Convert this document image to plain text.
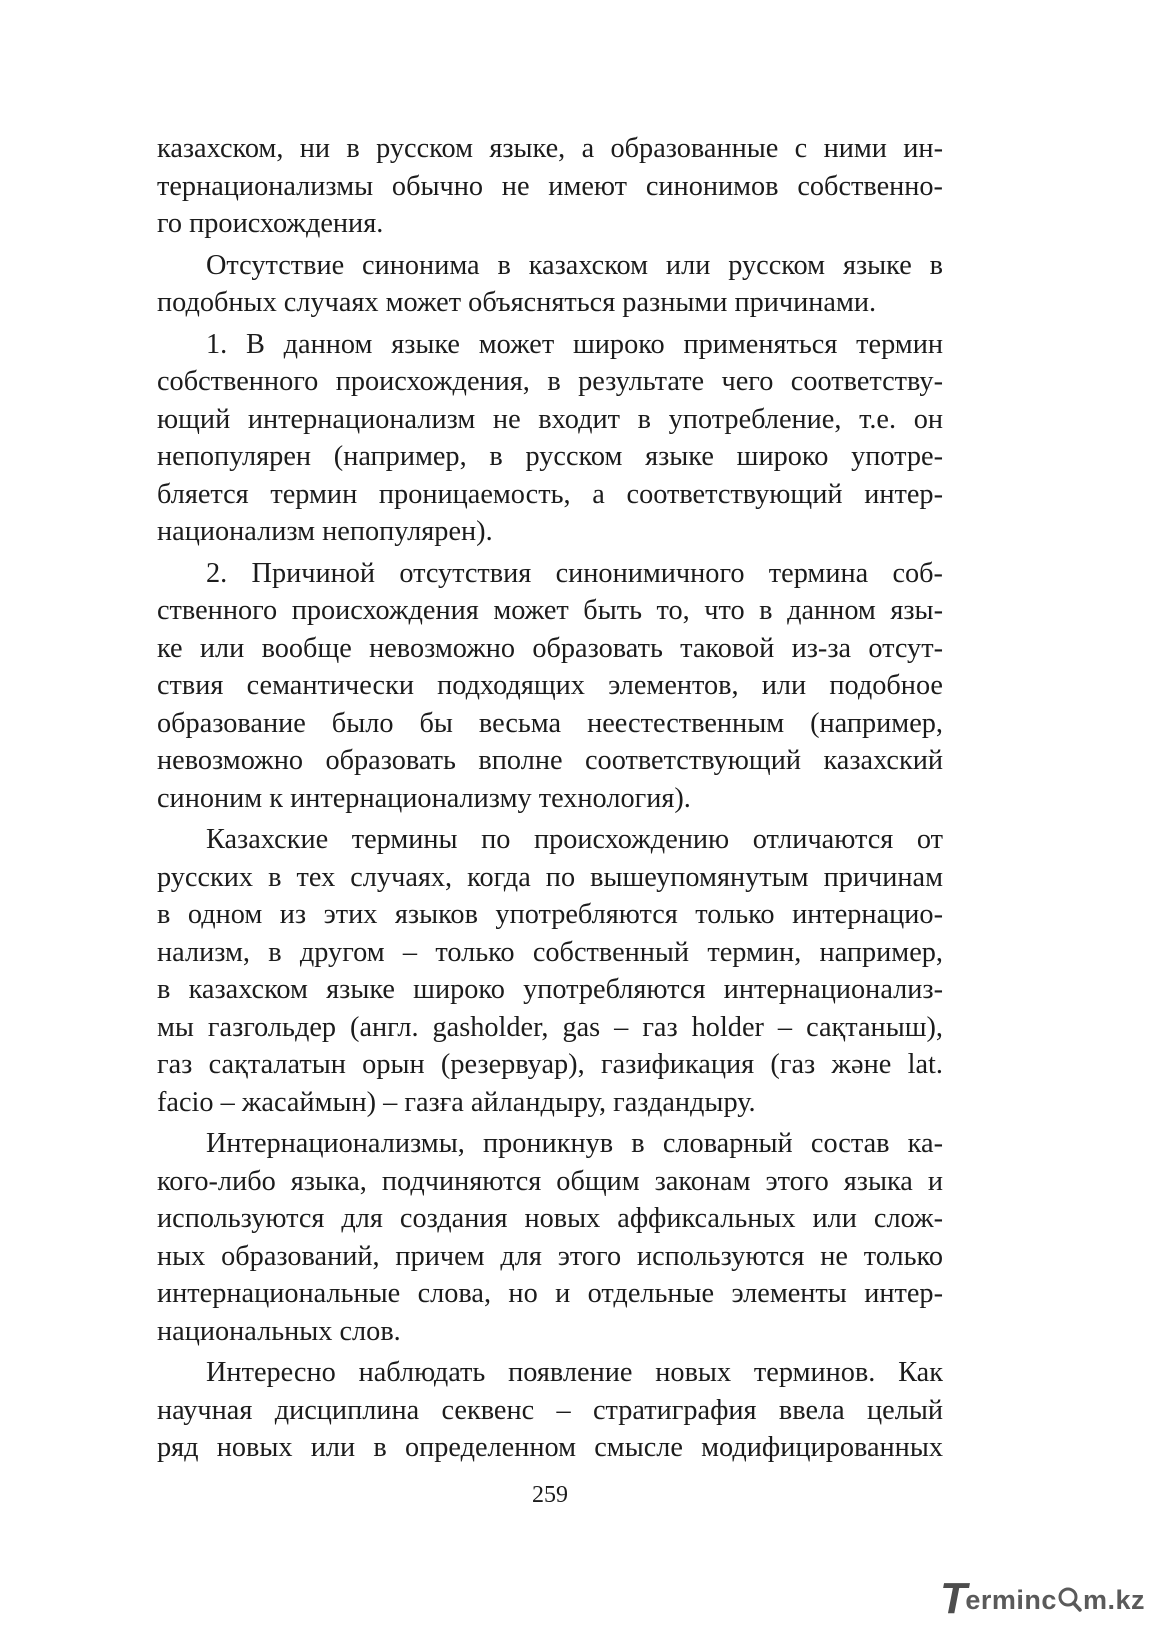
казахском, ни в русском языке, а образованные с ними ин-
тернационализмы обычно не имеют синонимов собственно-
го происхождения.
Отсутствие синонима в казахском или русском языке в
подобных случаях может объясняться разными причинами.
1. В данном языке может широко применяться термин
собственного происхождения, в результате чего соответству-
ющий интернационализм не входит в употребление, т.е. он
непопулярен (например, в русском языке широко употре-
бляется термин проницаемость, а соответствующий интер-
национализм непопулярен).
2. Причиной отсутствия синонимичного термина соб-
ственного происхождения может быть то, что в данном язы-
ке или вообще невозможно образовать таковой из-за отсут-
ствия семантически подходящих элементов, или подобное
образование было бы весьма неестественным (например,
невозможно образовать вполне соответствующий казахский
синоним к интернационализму технология).
Казахские термины по происхождению отличаются от
русских в тех случаях, когда по вышеупомянутым причинам
в одном из этих языков употребляются только интернацио-
нализм, в другом – только собственный термин, например,
в казахском языке широко употребляются интернационализ-
мы газгольдер (англ. gasholder, gas – газ holder – сақтаныш),
газ сақталатын орын (резервуар), газификация (газ және lat.
facio – жасаймын) – газға айландыру, газдандыру.
Интернационализмы, проникнув в словарный состав ка-
кого-либо языка, подчиняются общим законам этого языка и
используются для создания новых аффиксальных или слож-
ных образований, причем для этого используются не только
интернациональные слова, но и отдельные элементы интер-
национальных слов.
Интересно наблюдать появление новых терминов. Как
научная дисциплина секвенс – стратиграфия ввела целый
ряд новых или в определенном смысле модифицированных
259
T
erminc m.kz
